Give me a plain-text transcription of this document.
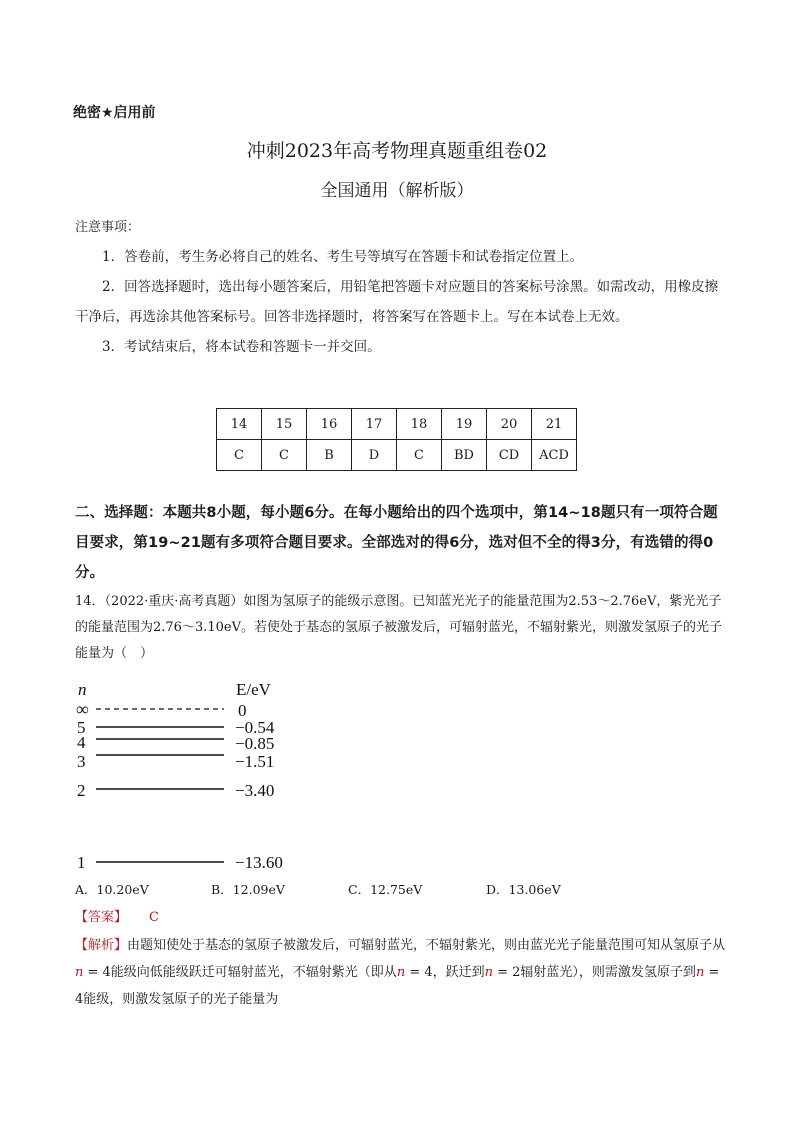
绝密★启用前
冲刺2023年高考物理真题重组卷02
全国通用（解析版）
注意事项：

1．答卷前，考生务必将自己的姓名、考生号等填写在答题卡和试卷指定位置上。

2．回答选择题时，选出每小题答案后，用铅笔把答题卡对应题目的答案标号涂黑。如需改动，用橡皮擦干净后，再选涂其他答案标号。回答非选择题时，将答案写在答题卡上。写在本试卷上无效。

3．考试结束后，将本试卷和答题卡一并交回。

14	15	16	17	18	19	20	21
C	C	B	D	C	BD	CD	ACD
二、选择题：本题共8小题，每小题6分。在每小题给出的四个选项中，第14~18题只有一项符合题目要求，第19~21题有多项符合题目要求。全部选对的得6分，选对但不全的得3分，有选错的得0分。
14．（2022·重庆·高考真题）如图为氢原子的能级示意图。已知蓝光光子的能量范围为2.53～2.76eV，紫光光子的能量范围为2.76～3.10eV。若使处于基态的氢原子被激发后，可辐射蓝光，不辐射紫光，则激发氢原子的光子能量为（　）
n	E/eV
∞
5
4
3
2
1
0
−0.54
−0.85
−1.51
−3.40
−13.60
A．10.20eV	B．12.09eV	C．12.75eV	D．13.06eV
【答案】 C
【解析】由题知使处于基态的氢原子被激发后，可辐射蓝光，不辐射紫光，则由蓝光光子能量范围可知从氢原子从n = 4能级向低能级跃迁可辐射蓝光，不辐射紫光（即从n = 4，跃迁到n = 2辐射蓝光），则需激发氢原子到n = 4能级，则激发氢原子的光子能量为
